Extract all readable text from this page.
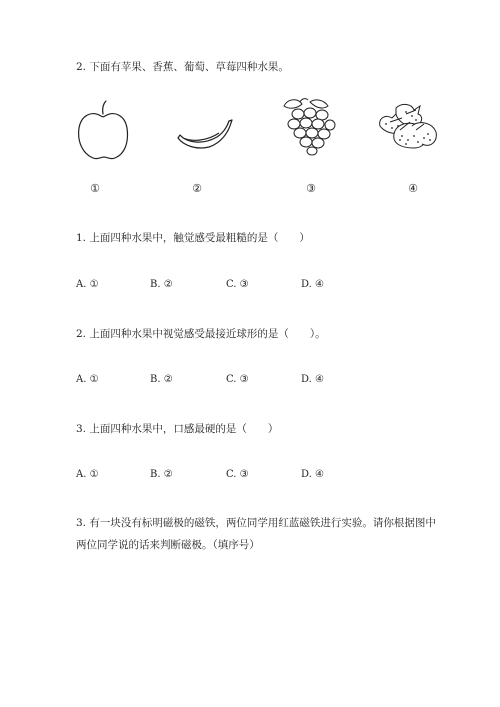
2. 下面有苹果、香蕉、葡萄、草莓四种水果。
①	②	③	④
1. 上面四种水果中，触觉感受最粗糙的是（　　）
A. ①	B. ②	C. ③	D. ④
2. 上面四种水果中视觉感受最接近球形的是（　　）。
A. ①	B. ②	C. ③	D. ④
3. 上面四种水果中，口感最硬的是（　　）
A. ①	B. ②	C. ③	D. ④
3. 有一块没有标明磁极的磁铁，两位同学用红蓝磁铁进行实验。请你根据图中
两位同学说的话来判断磁极。（填序号）
